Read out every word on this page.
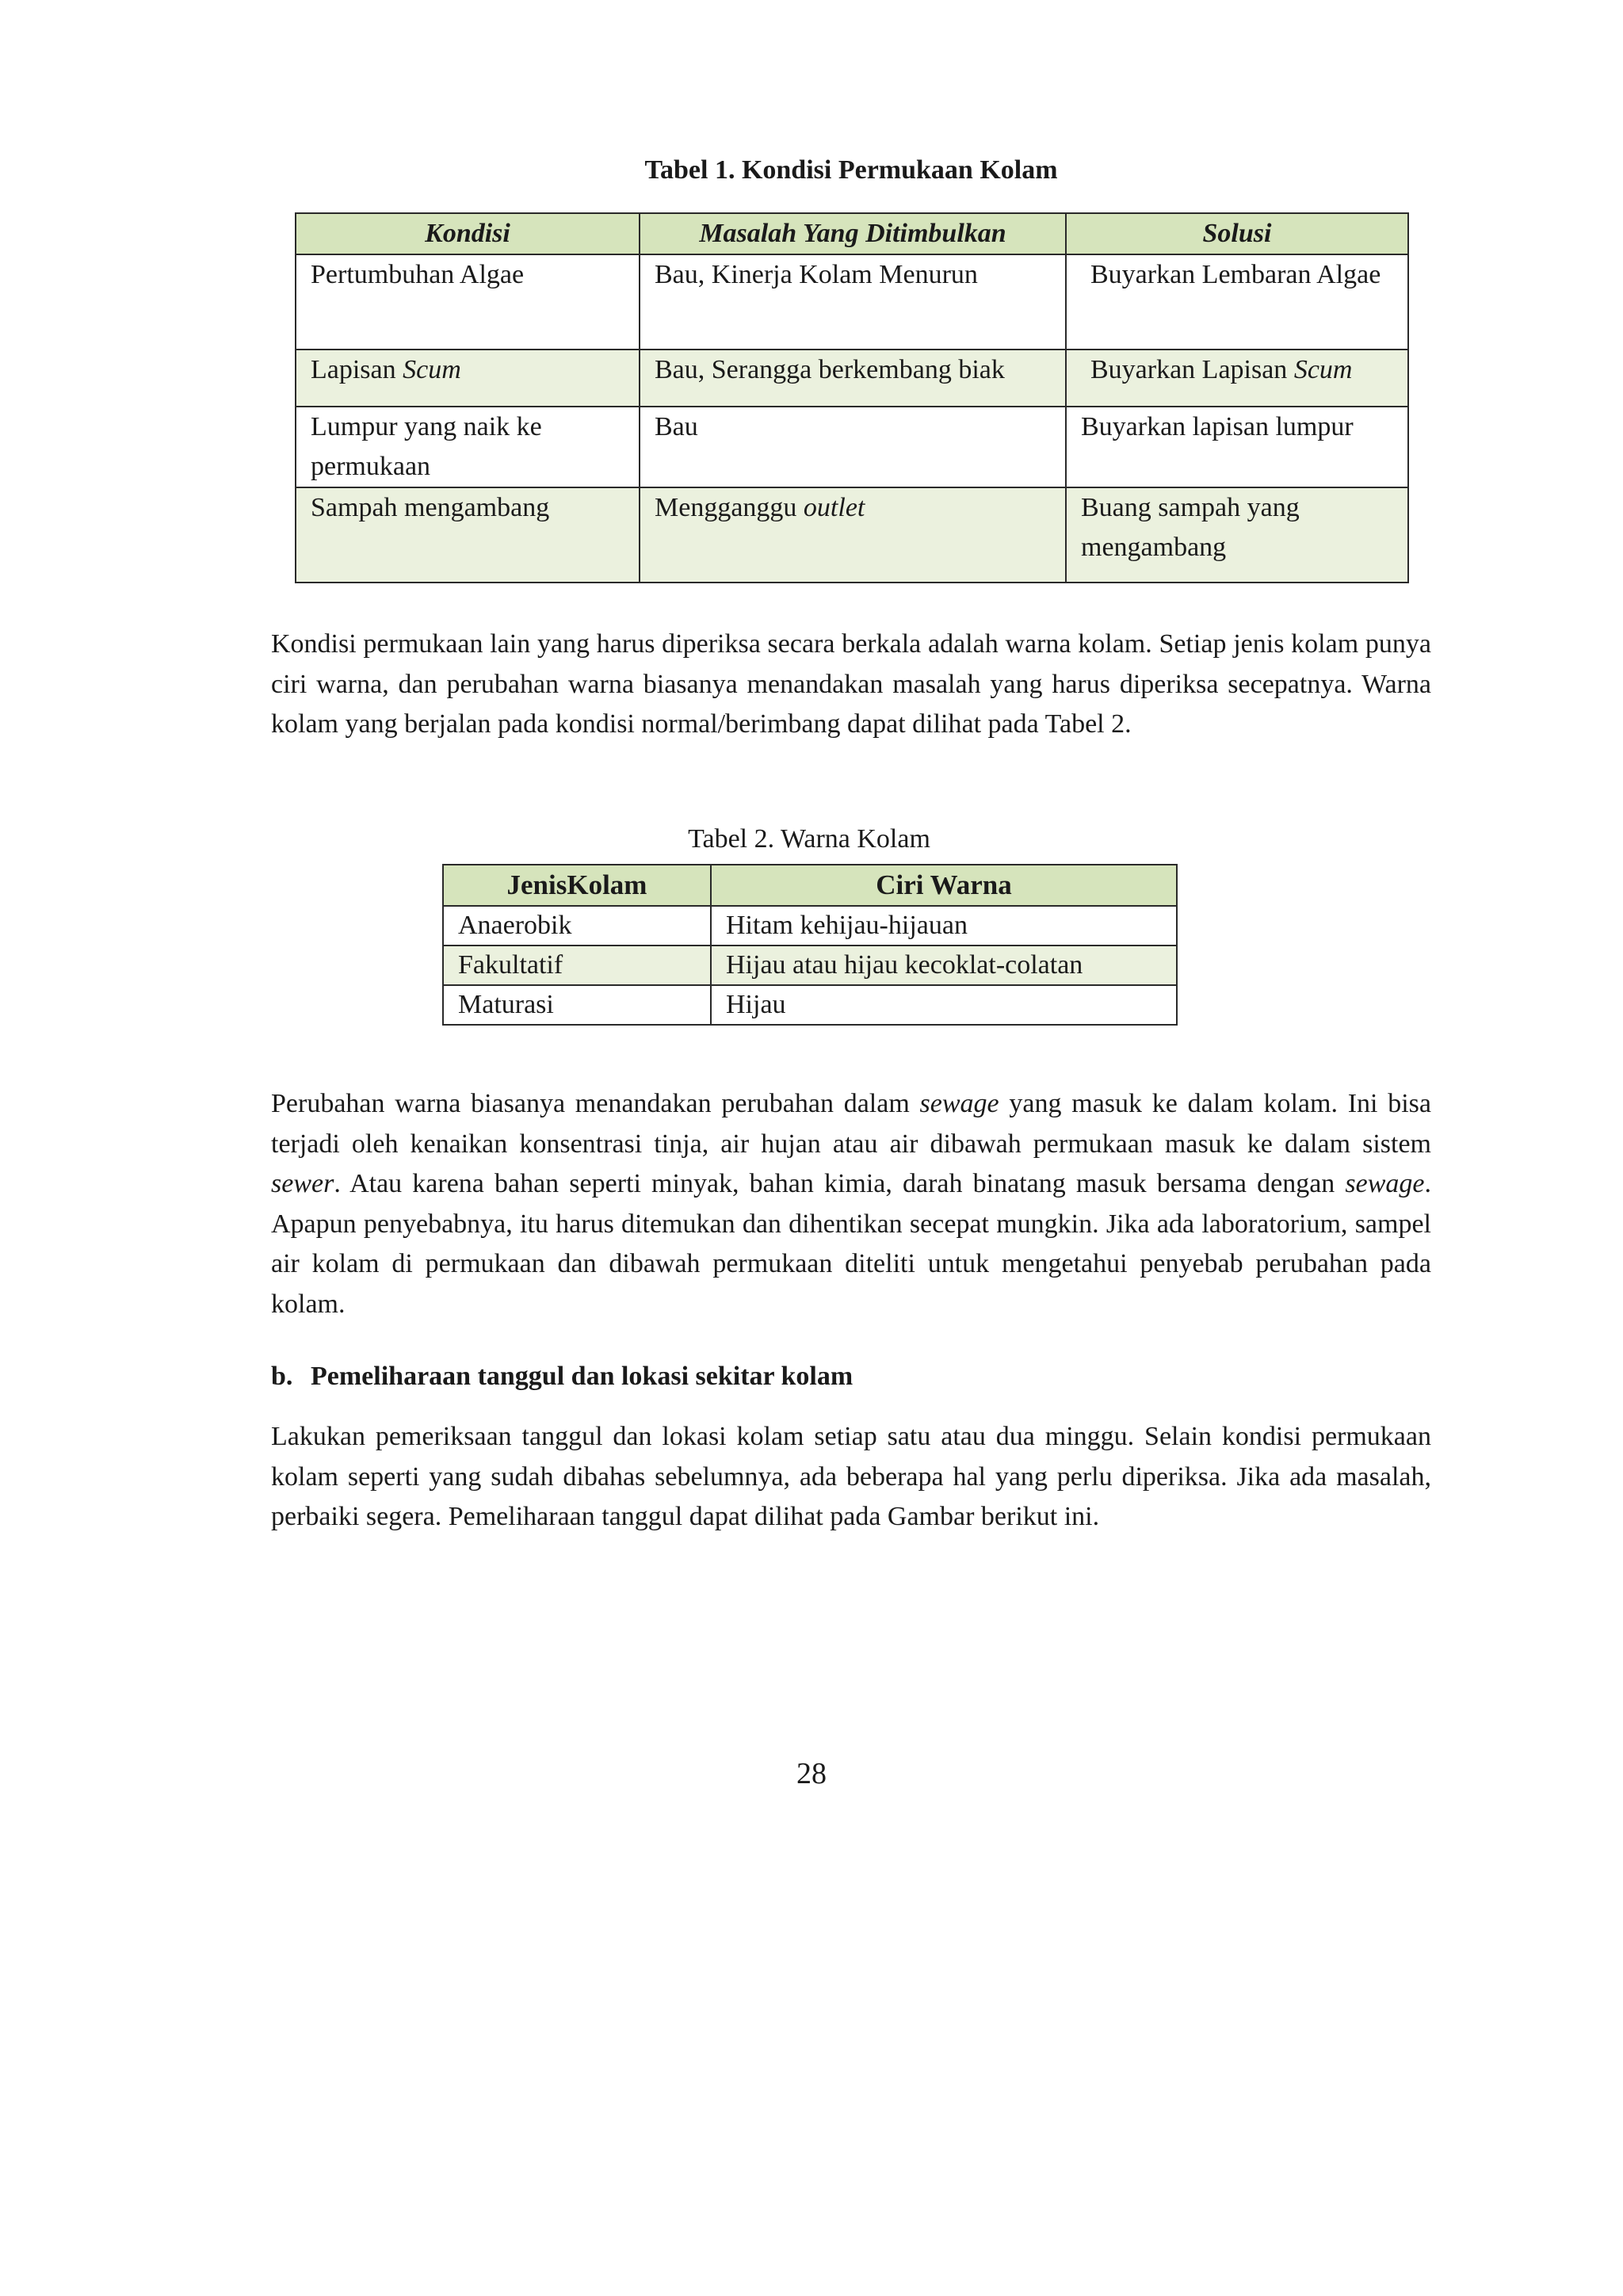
Tabel 1. Kondisi Permukaan Kolam
Kondisi	Masalah Yang Ditimbulkan	Solusi
Pertumbuhan Algae	Bau, Kinerja Kolam Menurun	Buyarkan Lembaran Algae
Lapisan Scum	Bau, Serangga berkembang biak	Buyarkan Lapisan Scum
Lumpur yang naik ke permukaan	Bau	Buyarkan lapisan lumpur
Sampah mengambang	Mengganggu outlet	Buang sampah yang mengambang

Kondisi permukaan lain yang harus diperiksa secara berkala adalah warna kolam. Setiap jenis kolam punya ciri warna, dan perubahan warna biasanya menandakan masalah yang harus diperiksa secepatnya. Warna kolam yang berjalan pada kondisi normal/berimbang dapat dilihat pada Tabel 2.

Tabel 2. Warna Kolam
JenisKolam	Ciri Warna
Anaerobik	Hitam kehijau-hijauan
Fakultatif	Hijau atau hijau kecoklat-colatan
Maturasi	Hijau

Perubahan warna biasanya menandakan perubahan dalam sewage yang masuk ke dalam kolam. Ini bisa terjadi oleh kenaikan konsentrasi tinja, air hujan atau air dibawah permukaan masuk ke dalam sistem sewer. Atau karena bahan seperti minyak, bahan kimia, darah binatang masuk bersama dengan sewage. Apapun penyebabnya, itu harus ditemukan dan dihentikan secepat mungkin. Jika ada laboratorium, sampel air kolam di permukaan dan dibawah permukaan diteliti untuk mengetahui penyebab perubahan pada kolam.

b. Pemeliharaan tanggul dan lokasi sekitar kolam

Lakukan pemeriksaan tanggul dan lokasi kolam setiap satu atau dua minggu. Selain kondisi permukaan kolam seperti yang sudah dibahas sebelumnya, ada beberapa hal yang perlu diperiksa. Jika ada masalah, perbaiki segera. Pemeliharaan tanggul dapat dilihat pada Gambar berikut ini.

28
